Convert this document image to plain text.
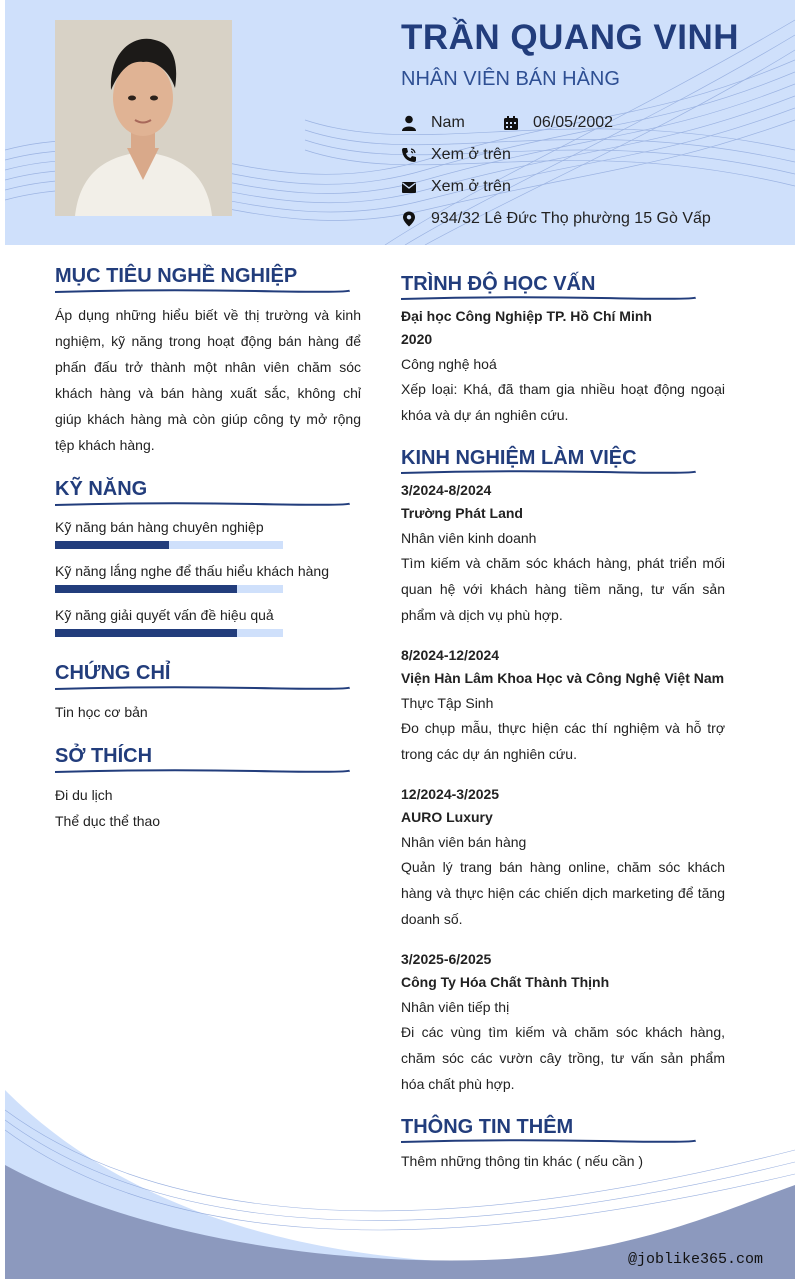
TRẦN QUANG VINH
NHÂN VIÊN BÁN HÀNG
Nam	06/05/2002
Xem ở trên
Xem ở trên
934/32 Lê Đức Thọ phường 15 Gò Vấp
MỤC TIÊU NGHỀ NGHIỆP
Áp dụng những hiểu biết về thị trường và kinh nghiệm, kỹ năng trong hoạt động bán hàng để phấn đấu trở thành một nhân viên chăm sóc khách hàng và bán hàng xuất sắc, không chỉ giúp khách hàng mà còn giúp công ty mở rộng tệp khách hàng.
KỸ NĂNG
Kỹ năng bán hàng chuyên nghiệp
Kỹ năng lắng nghe để thấu hiểu khách hàng
Kỹ năng giải quyết vấn đề hiệu quả
CHỨNG CHỈ
Tin học cơ bản
SỞ THÍCH
Đi du lịch
Thể dục thể thao
TRÌNH ĐỘ HỌC VẤN
Đại học Công Nghiệp TP. Hồ Chí Minh
2020
Công nghệ hoá
Xếp loại: Khá, đã tham gia nhiều hoạt động ngoại khóa và dự án nghiên cứu.
KINH NGHIỆM LÀM VIỆC
3/2024-8/2024
Trường Phát Land
Nhân viên kinh doanh
Tìm kiếm và chăm sóc khách hàng, phát triển mối quan hệ với khách hàng tiềm năng, tư vấn sản phẩm và dịch vụ phù hợp.
8/2024-12/2024
Viện Hàn Lâm Khoa Học và Công Nghệ Việt Nam
Thực Tập Sinh
Đo chụp mẫu, thực hiện các thí nghiệm và hỗ trợ trong các dự án nghiên cứu.
12/2024-3/2025
AURO Luxury
Nhân viên bán hàng
Quản lý trang bán hàng online, chăm sóc khách hàng và thực hiện các chiến dịch marketing để tăng doanh số.
3/2025-6/2025
Công Ty Hóa Chất Thành Thịnh
Nhân viên tiếp thị
Đi các vùng tìm kiếm và chăm sóc khách hàng, chăm sóc các vườn cây trồng, tư vấn sản phẩm hóa chất phù hợp.
THÔNG TIN THÊM
Thêm những thông tin khác ( nếu cần )
@joblike365.com
